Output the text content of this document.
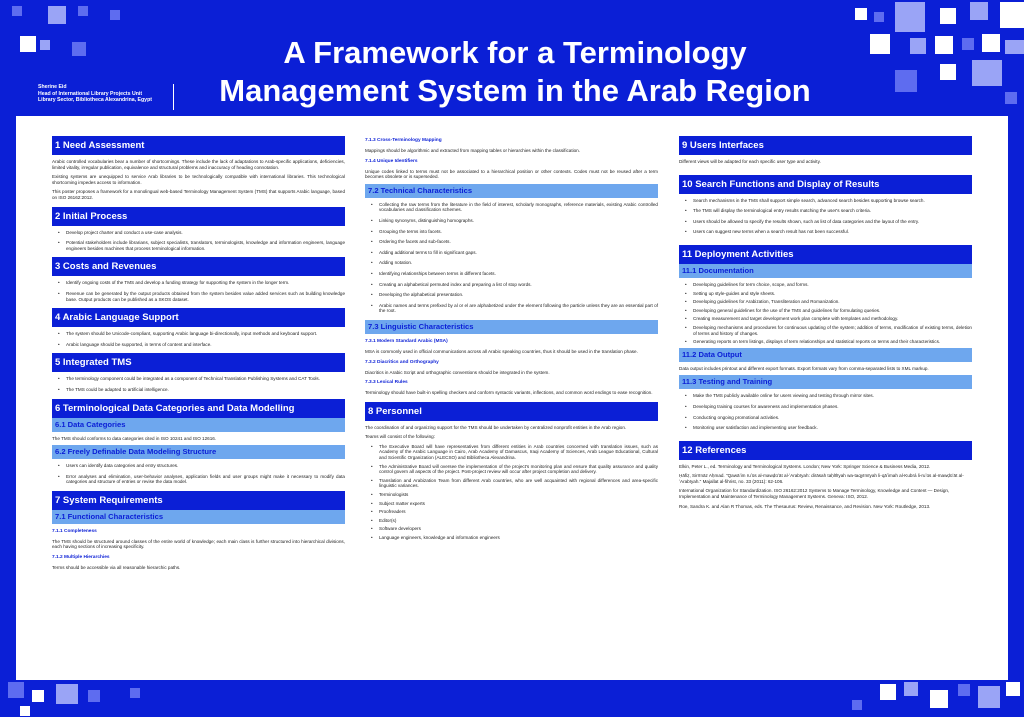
A Framework for a Terminology
Management System in the Arab Region
Sherine Eid
Head of International Library Projects Unit
Library Sector, Bibliotheca Alexandrina, Egypt
1 Need Assessment
Arabic controlled vocabularies bear a number of shortcomings. These include the lack of adaptations to Arab-specific applications, deficiencies, limited vitality, irregular publication, equivalence and structural problems and inaccuracy of heading connotation.
Existing systems are unequipped to service Arab libraries to be technologically compatible with international libraries. This technological shortcoming impedes access to information.
This poster proposes a framework for a monolingual web-based Terminology Management System (TMS) that supports Arabic language, based on ISO 26162:2012.
2 Initial Process
• Develop project charter and conduct a use-case analysis.
• Potential stakeholders include librarians, subject specialists, translators, terminologists, knowledge and information engineers, language engineers besides machines that process terminological information.
3 Costs and Revenues
• Identify ongoing costs of the TMS and develop a funding strategy for supporting the system in the longer term.
• Revenue can be generated by the output products obtained from the system besides value added services such as building knowledge base. Output products can be published as a SKOS dataset.
4 Arabic Language Support
• The system should be Unicode-compliant, supporting Arabic language bi-directionally, input methods and keyboard support.
• Arabic language should be supported, in terms of content and interface.
5 Integrated TMS
• The terminology component could be integrated as a component of Technical Translation Publishing Systems and CAT Tools.
• The TMS could be adapted to artificial intelligence.
6 Terminological Data Categories and Data Modelling
6.1 Data Categories
The TMS should conforms to data categories cited in ISO 10241 and ISO 12616.
6.2 Freely Definable Data Modeling Structure
• Users can identify data categories and entry structures.
• Error analyses and elimination, user-behavior analyses, application fields and user groups might make it necessary to modify data categories and structure of entries or revise the data model.
7 System Requirements
7.1 Functional Characteristics
7.1.1 Completeness
The TMS should be structured around classes of the entire world of knowledge; each main class is further structured into hierarchical divisions, each having sections of increasing specificity.
7.1.2 Multiple Hierarchies
Terms should be accessible via all reasonable hierarchic paths.
7.1.3 Cross-Terminology Mapping
Mappings should be algorithmic and extracted from mapping tables or hierarchies within the classification.
7.1.4 Unique Identifiers
Unique codes linked to terms must not be associated to a hierarchical position or other contexts. Codes must not be reused after a term becomes obsolete or is superseded.
7.2 Technical Characteristics
• Collecting the raw terms from the literature in the field of interest, scholarly monographs, reference materials, existing Arabic controlled vocabularies and classification schemes.
• Linking synonyms, distinguishing homographs.
• Grouping the terms into facets.
• Ordering the facets and sub-facets.
• Adding additional terms to fill in significant gaps.
• Adding notation.
• Identifying relationships between terms in different facets.
• Creating an alphabetical permuted index and preparing a list of stop words.
• Developing the alphabetical presentation.
• Arabic names and terms prefixed by al or el are alphabetized under the element following the particle unless they are an essential part of the root.
7.3 Linguistic Characteristics
7.3.1 Modern Standard Arabic (MSA)
MSA is commonly used in official communications across all Arabic speaking countries, thus it should be used in the translation phase.
7.3.2 Diacritics and Orthography
Diacritics in Arabic Script and orthographic conventions should be integrated in the system.
7.3.3 Lexical Rules
Terminology should have built-in spelling checkers and conform syntactic variants, inflections, and common word endings to ease recognition.
8 Personnel
The coordination of and organizing support for the TMS should be undertaken by centralized nonprofit entities in the Arab region.
Teams will consist of the following:
• The Executive Board will have representatives from different entities in Arab countries concerned with translation issues, such as Academy of the Arabic Language in Cairo, Arab Academy of Damascus, Iraqi Academy of Sciences, Arab League Educational, Cultural and Scientific Organization (ALECSO) and Bibliotheca Alexandrina.
• The Administrative Board will oversee the implementation of the project's monitoring plan and ensure that quality assurance and quality control govern all aspects of the project. Post-project review will occur after project completion and delivery.
• Translation and Arabization Team from different Arab countries, who are well acquainted with regional differences and area-specific linguistic variances.
• Terminologists
• Subject matter experts
• Proofreaders
• Editor(s)
• Software developers
• Language engineers, knowledge and information engineers
9 Users Interfaces
Different views will be adapted for each specific user type and activity.
10 Search Functions and Display of Results
• Search mechanisms in the TMS shall support simple search, advanced search besides supporting browse search.
• The TMS will display the terminological entry results matching the user's search criteria.
• Users should be allowed to specify the results shown, such as list of data categories and the layout of the entry.
• Users can suggest new terms when a search result has not been successful.
11 Deployment Activities
11.1 Documentation
• Developing guidelines for term choice, scope, and forms.
• Setting up style-guides and style sheets.
• Developing guidelines for Arabization, Transliteration and Romanization.
• Developing general guidelines for the use of the TMS and guidelines for formulating queries.
• Creating measurement and target development work plan complete with templates and methodology.
• Developing mechanisms and procedures for continuous updating of the system; addition of terms, modification of existing terms, deletion of terms and history of changes.
• Generating reports on term listings, displays of term relationships and statistical reports on terms and their characteristics.
11.2 Data Output
Data output includes printout and different export formats. Export formats vary from comma-separated lists to XML markup.
11.3 Testing and Training
• Make the TMS publicly available online for users viewing and testing through mirror sites.
• Developing training courses for awareness and implementation phases.
• Conducting ongoing promotional activities.
• Monitoring user satisfaction and implementing user feedback.
12 References
Elkin, Peter L., ed. Terminology and Terminological Systems. London; New York: Springer Science & Business Media, 2012.
Ḥāfiẓ, Sirrīnāz Aḥmad. "Qawāʻim ruʼūs al-mawḍūʻāt al-ʻArabīyah: dirāsah taḥlīlīyah wa-taqyīmīyah li-qāʼimah al-Kubrá li-ruʼūs al-mawḍūʻāt al-ʻArabīyah." Majallat al-fihrist, no. 33 (2011): 62-106.
International Organization for Standardization. ISO 26162:2012 Systems to Manage Terminology, Knowledge and Content — Design, Implementation and Maintenance of Terminology Management Systems. Geneva: ISO, 2012.
Roe, Sandra K. and Alan R Thomas, eds. The Thesaurus: Review, Renaissance, and Revision. New York: Routledge, 2013.
